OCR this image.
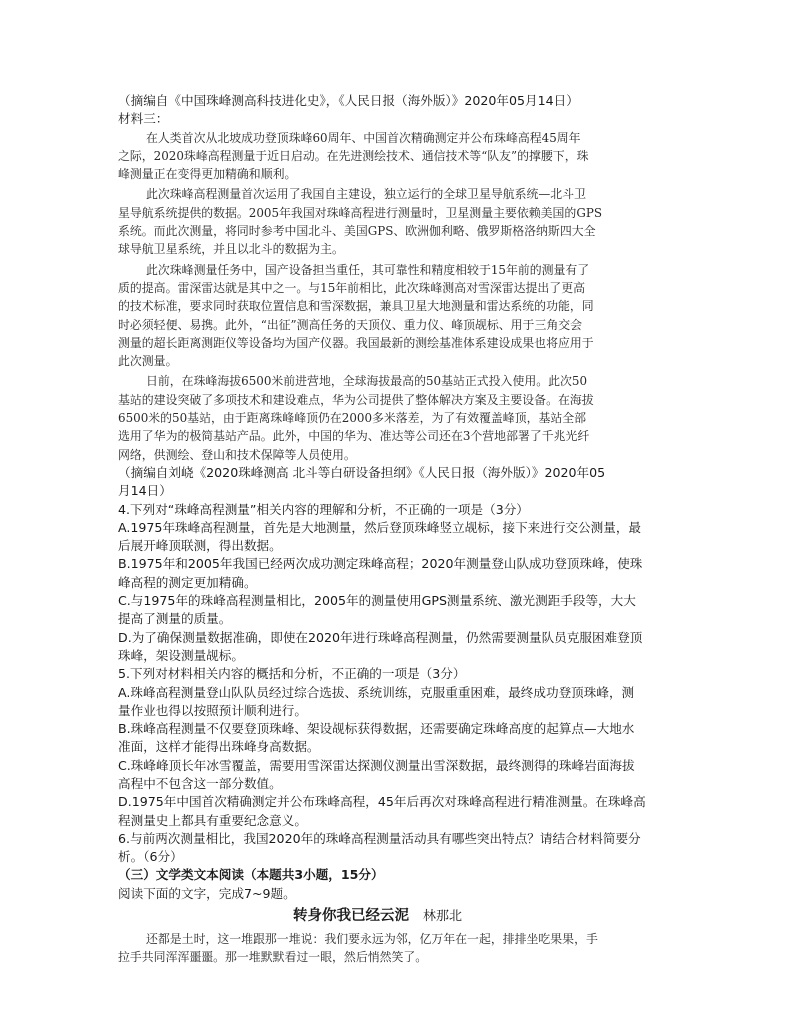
（摘编自《中国珠峰测高科技进化史》，《人民日报（海外版）》2020年05月14日）

材料三：

在人类首次从北坡成功登顶珠峰60周年、中国首次精确测定并公布珠峰高程45周年

之际，2020珠峰高程测量于近日启动。在先进测绘技术、通信技术等“队友”的撑腰下，珠

峰测量正在变得更加精确和顺利。

此次珠峰高程测量首次运用了我国自主建设，独立运行的全球卫星导航系统—北斗卫

星导航系统提供的数据。2005年我国对珠峰高程进行测量时，卫星测量主要依赖美国的GPS

系统。而此次测量，将同时参考中国北斗、美国GPS、欧洲伽利略、俄罗斯格洛纳斯四大全

球导航卫星系统，并且以北斗的数据为主。

此次珠峰测量任务中，国产设备担当重任，其可靠性和精度相较于15年前的测量有了

质的提高。雷深雷达就是其中之一。与15年前相比，此次珠峰测高对雪深雷达提出了更高

的技术标准，要求同时获取位置信息和雪深数据，兼具卫星大地测量和雷达系统的功能，同

时必须轻便、易携。此外，“出征”测高任务的天顶仪、重力仪、峰顶觇标、用于三角交会

测量的超长距离测距仪等设备均为国产仪器。我国最新的测绘基准体系建设成果也将应用于

此次测量。

日前，在珠峰海拔6500米前进营地，全球海拔最高的50基站正式投入使用。此次50

基站的建设突破了多项技术和建设难点，华为公司提供了整体解决方案及主要设备。在海拔

6500米的50基站，由于距离珠峰峰顶仍在2000多米落差，为了有效覆盖峰顶，基站全部

选用了华为的极简基站产品。此外，中国的华为、准达等公司还在3个营地部署了千兆光纤

网络，供测绘、登山和技术保障等人员使用。

（摘编自刘峣《2020珠峰测高 北斗等白研设备担纲》《人民日报（海外版）》2020年05

月14日）

4.下列对“珠峰高程测量”相关内容的理解和分析，不正确的一项是（3分）

A.1975年珠峰高程测量，首先是大地测量，然后登顶珠峰竖立觇标，接下来进行交公测量，最

后展开峰顶联测，得出数据。

B.1975年和2005年我国已经两次成功测定珠峰高程；2020年测量登山队成功登顶珠峰，使珠

峰高程的测定更加精确。

C.与1975年的珠峰高程测量相比，2005年的测量使用GPS测量系统、激光测距手段等，大大

提高了测量的质量。

D.为了确保测量数据准确，即使在2020年进行珠峰高程测量，仍然需要测量队员克服困难登顶

珠峰，架设测量觇标。

5.下列对材料相关内容的概括和分析，不正确的一项是（3分）

A.珠峰高程测量登山队队员经过综合选拔、系统训练，克服重重困难，最终成功登顶珠峰，测

量作业也得以按照预计顺利进行。

B.珠峰高程测量不仅要登顶珠峰、架设觇标获得数据，还需要确定珠峰高度的起算点—大地水

准面，这样才能得出珠峰身高数据。

C.珠峰峰顶长年冰雪覆盖，需要用雪深雷达探测仪测量出雪深数据，最终测得的珠峰岩面海拔

高程中不包含这一部分数值。

D.1975年中国首次精确测定并公布珠峰高程，45年后再次对珠峰高程进行精准测量。在珠峰高

程测量史上都具有重要纪念意义。

6.与前两次测量相比，我国2020年的珠峰高程测量活动具有哪些突出特点？请结合材料简要分

析。（6分）

（三）文学类文本阅读（本题共3小题，15分）

阅读下面的文字，完成7~9题。

转身你我已经云泥 林那北

还都是土时，这一堆跟那一堆说：我们要永远为邻，亿万年在一起，排排坐吃果果，手

拉手共同浑浑噩噩。那一堆默默看过一眼，然后悄然笑了。
